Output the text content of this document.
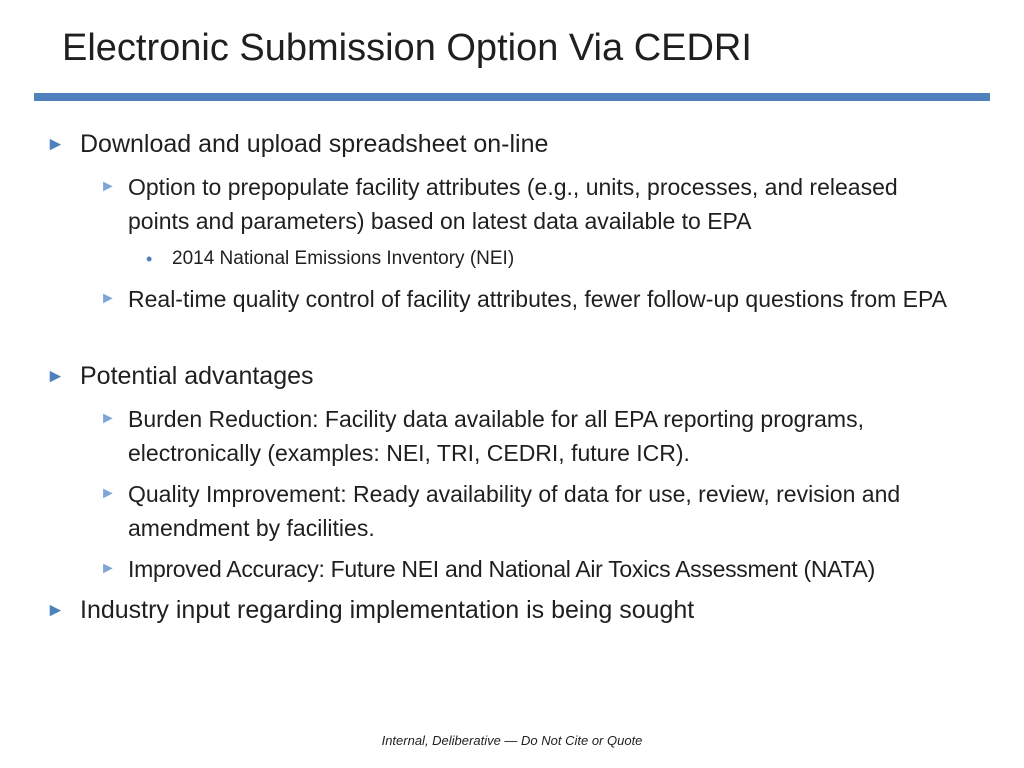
Electronic Submission Option Via CEDRI
► Download and upload spreadsheet on-line
► Option to prepopulate facility attributes (e.g., units, processes, and released points and parameters) based on latest data available to EPA
•	2014 National Emissions Inventory (NEI)
► Real-time quality control of facility attributes, fewer follow-up questions from EPA
► Potential advantages
► Burden Reduction: Facility data available for all EPA reporting programs, electronically (examples: NEI, TRI, CEDRI, future ICR).
► Quality Improvement: Ready availability of data for use, review, revision and amendment by facilities.
► Improved Accuracy: Future NEI and National Air Toxics Assessment (NATA)
► Industry input regarding implementation is being sought
Internal, Deliberative — Do Not Cite or Quote
